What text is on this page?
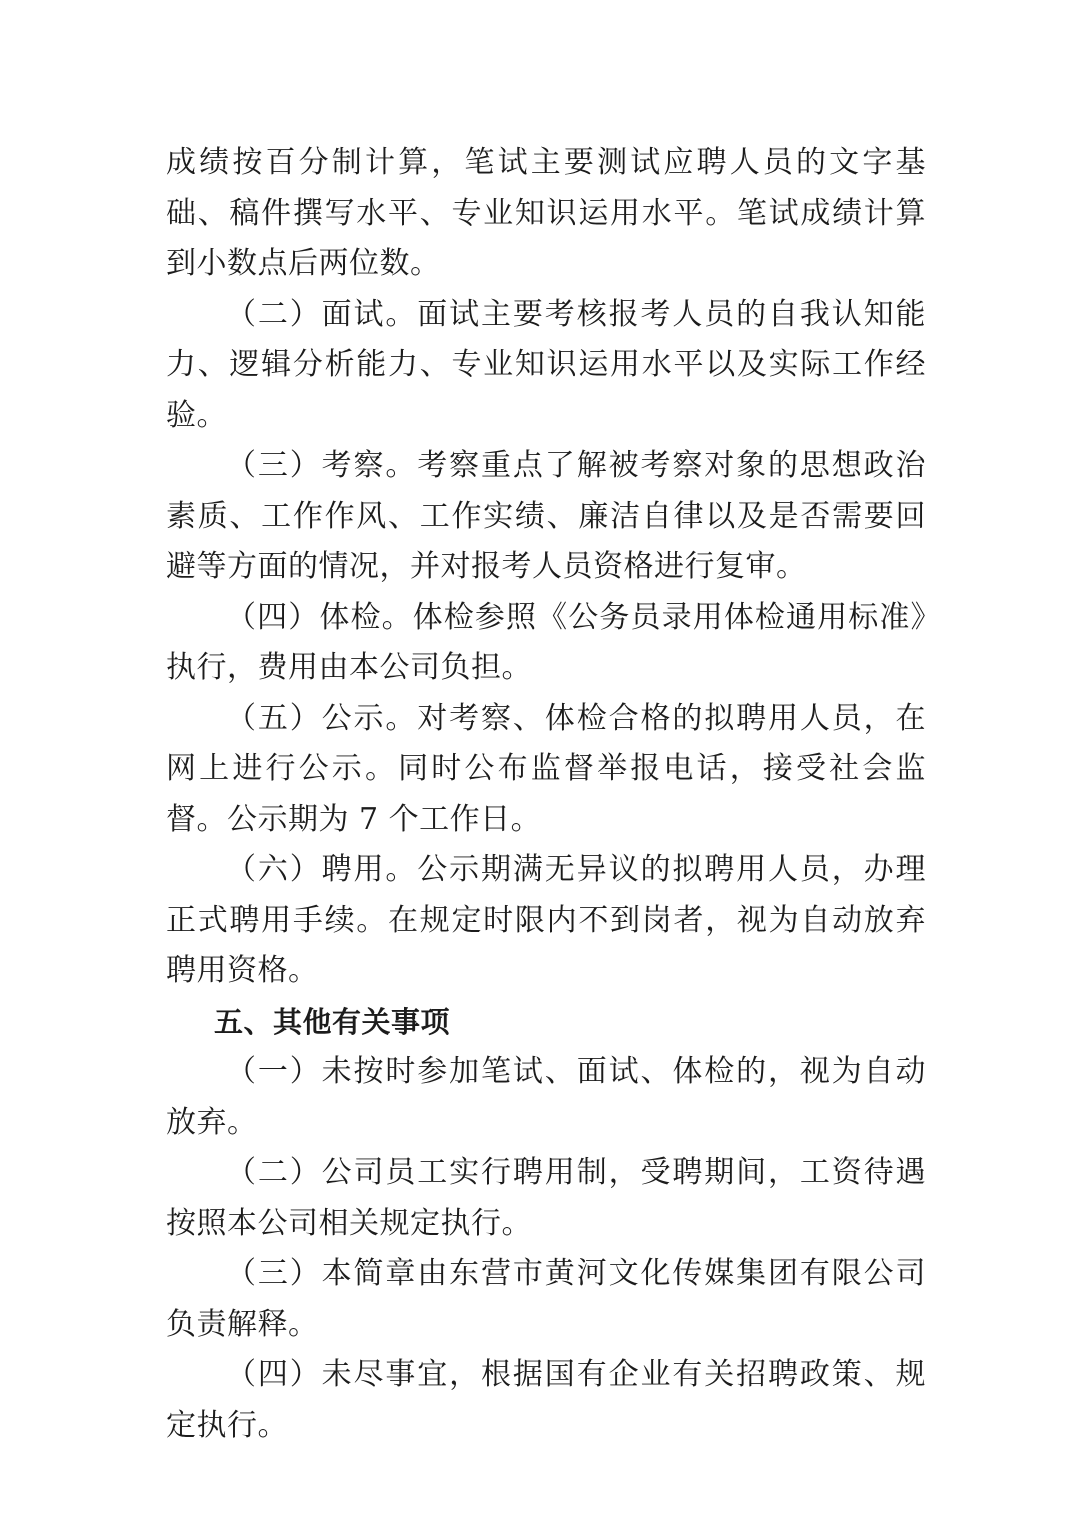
成绩按百分制计算，笔试主要测试应聘人员的文字基础、稿件撰写水平、专业知识运用水平。笔试成绩计算到小数点后两位数。

（二）面试。面试主要考核报考人员的自我认知能力、逻辑分析能力、专业知识运用水平以及实际工作经验。

（三）考察。考察重点了解被考察对象的思想政治素质、工作作风、工作实绩、廉洁自律以及是否需要回避等方面的情况，并对报考人员资格进行复审。

（四）体检。体检参照《公务员录用体检通用标准》执行，费用由本公司负担。

（五）公示。对考察、体检合格的拟聘用人员，在网上进行公示。同时公布监督举报电话，接受社会监督。公示期为 7 个工作日。

（六）聘用。公示期满无异议的拟聘用人员，办理正式聘用手续。在规定时限内不到岗者，视为自动放弃聘用资格。

五、其他有关事项

（一）未按时参加笔试、面试、体检的，视为自动放弃。

（二）公司员工实行聘用制，受聘期间，工资待遇按照本公司相关规定执行。

（三）本简章由东营市黄河文化传媒集团有限公司负责解释。

（四）未尽事宜，根据国有企业有关招聘政策、规定执行。
